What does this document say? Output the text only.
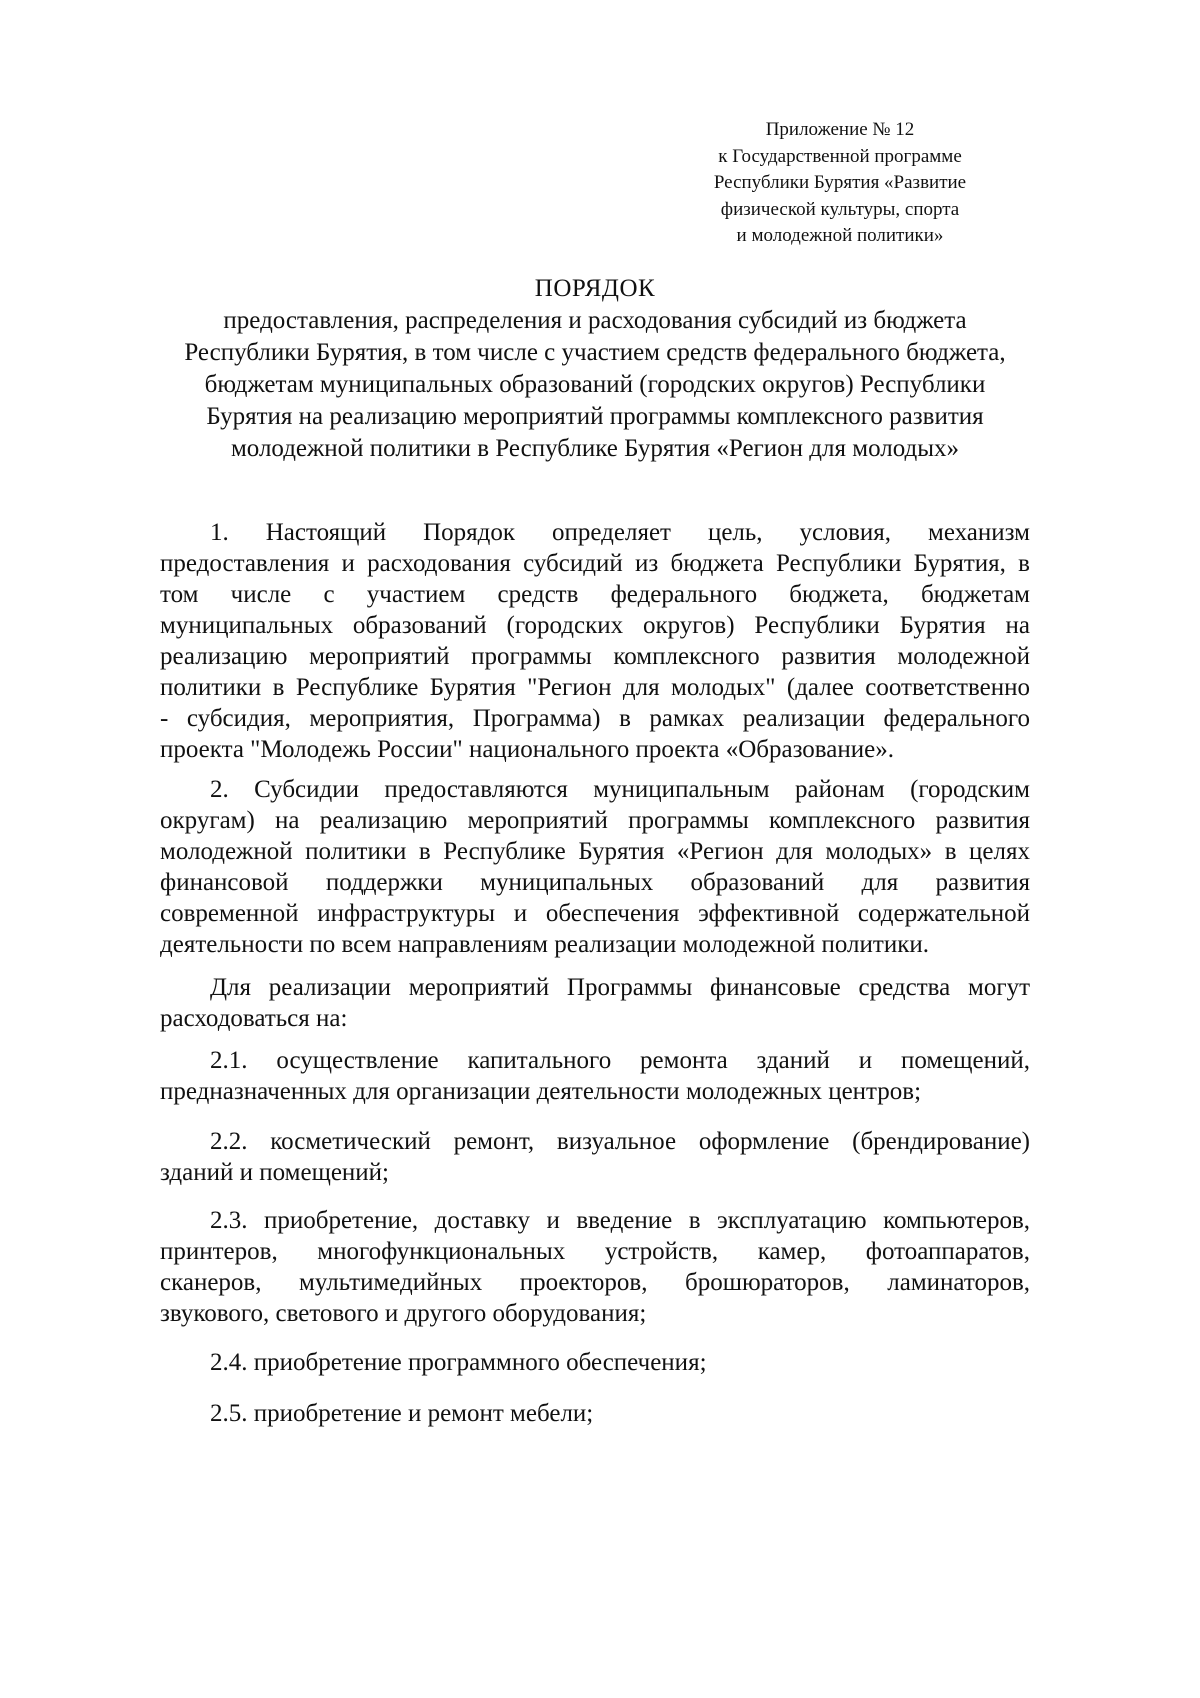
Приложение № 12
к Государственной программе
Республики Бурятия «Развитие
физической культуры, спорта
и молодежной политики»
ПОРЯДОК
предоставления, распределения и расходования субсидий из бюджета
Республики Бурятия, в том числе с участием средств федерального бюджета,
бюджетам муниципальных образований (городских округов) Республики
Бурятия на реализацию мероприятий программы комплексного развития
молодежной политики в Республике Бурятия «Регион для молодых»
1. Настоящий Порядок определяет цель, условия, механизм
предоставления и расходования субсидий из бюджета Республики Бурятия, в
том числе с участием средств федерального бюджета, бюджетам
муниципальных образований (городских округов) Республики Бурятия на
реализацию мероприятий программы комплексного развития молодежной
политики в Республике Бурятия "Регион для молодых" (далее соответственно
- субсидия, мероприятия, Программа) в рамках реализации федерального
проекта "Молодежь России" национального проекта «Образование».
2. Субсидии предоставляются муниципальным районам (городским
округам) на реализацию мероприятий программы комплексного развития
молодежной политики в Республике Бурятия «Регион для молодых» в целях
финансовой поддержки муниципальных образований для развития
современной инфраструктуры и обеспечения эффективной содержательной
деятельности по всем направлениям реализации молодежной политики.
Для реализации мероприятий Программы финансовые средства могут
расходоваться на:
2.1. осуществление капитального ремонта зданий и помещений,
предназначенных для организации деятельности молодежных центров;
2.2. косметический ремонт, визуальное оформление (брендирование)
зданий и помещений;
2.3. приобретение, доставку и введение в эксплуатацию компьютеров,
принтеров, многофункциональных устройств, камер, фотоаппаратов,
сканеров, мультимедийных проекторов, брошюраторов, ламинаторов,
звукового, светового и другого оборудования;
2.4. приобретение программного обеспечения;
2.5. приобретение и ремонт мебели;
